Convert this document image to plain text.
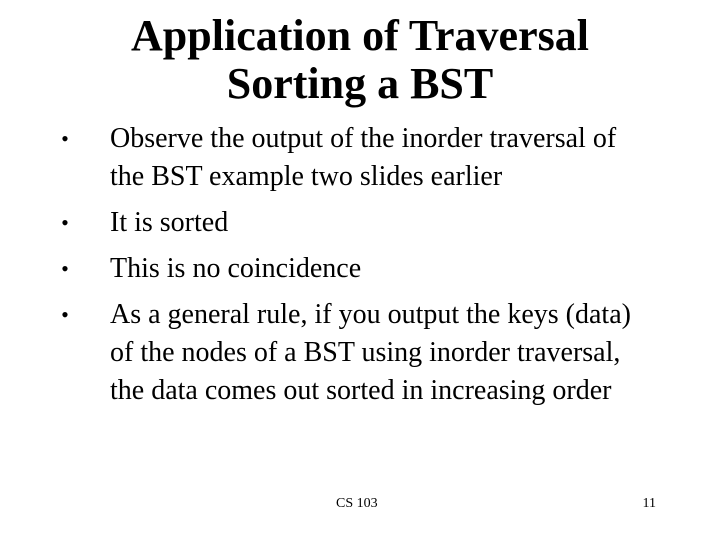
Application of Traversal
Sorting a BST
• Observe the output of the inorder traversal of the BST example two slides earlier
• It is sorted
• This is no coincidence
• As a general rule, if you output the keys (data) of the nodes of a BST using inorder traversal, the data comes out sorted in increasing order
CS 103	11
